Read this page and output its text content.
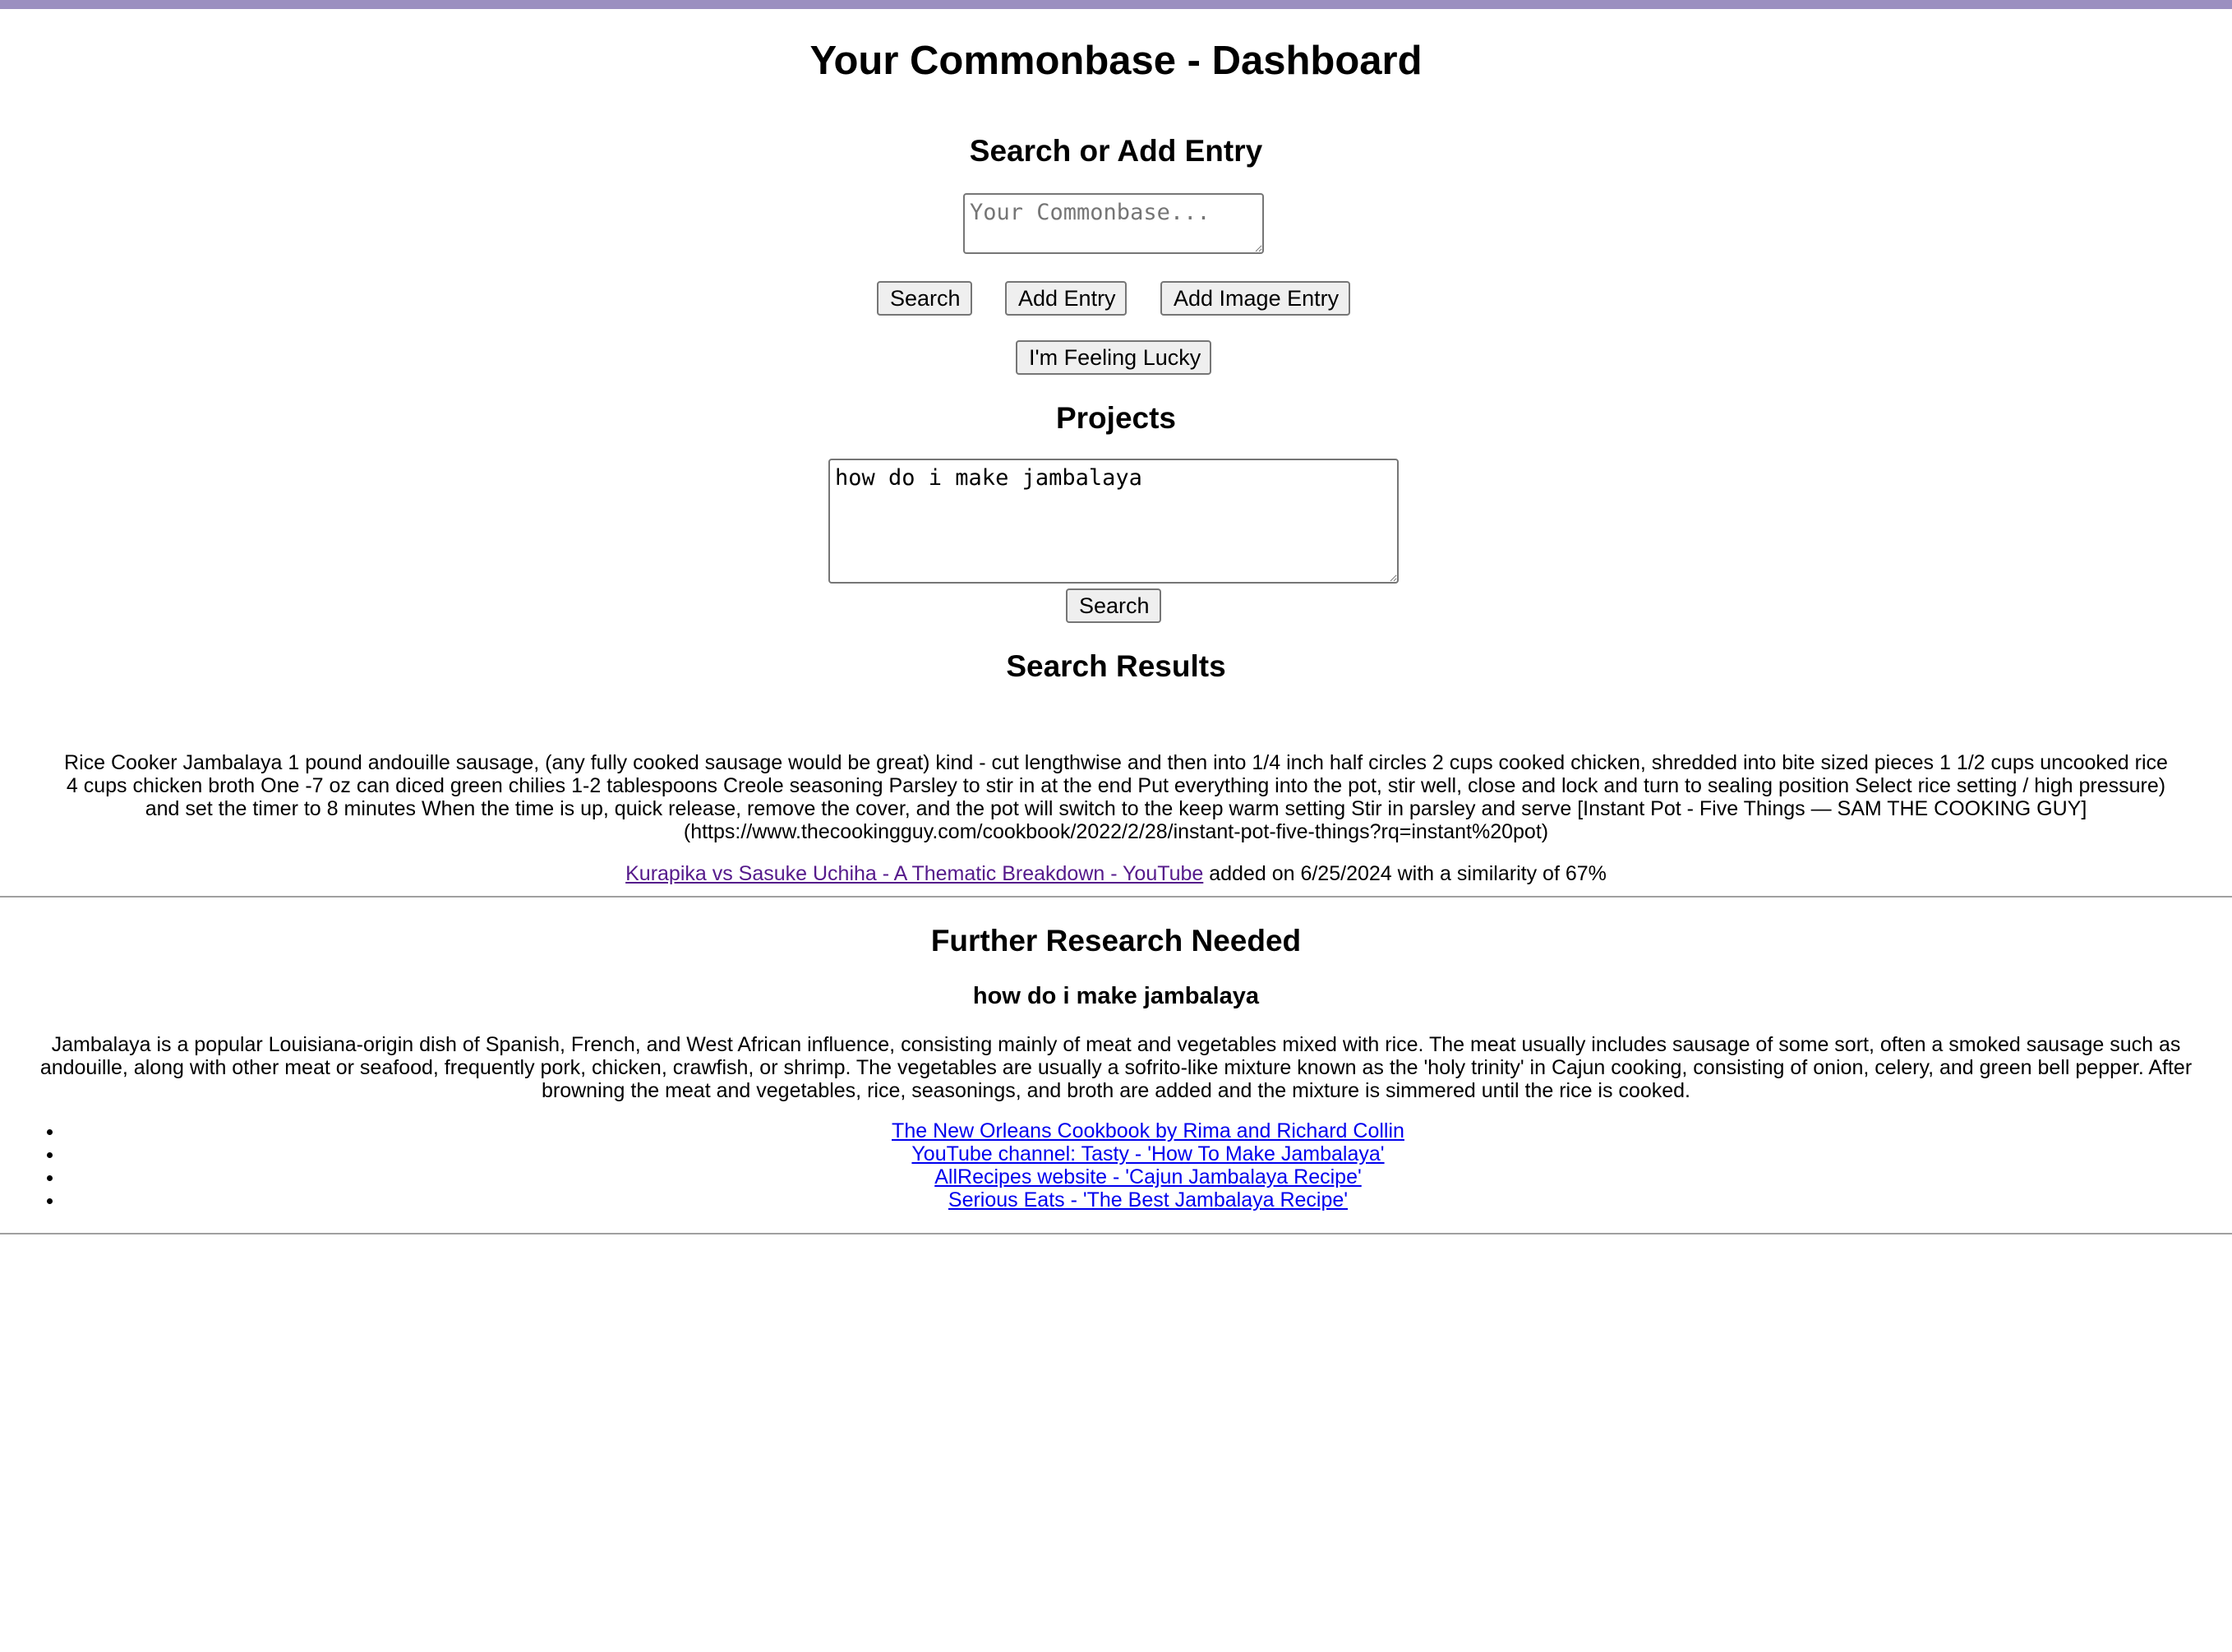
Your Commonbase - Dashboard
Search or Add Entry
Your Commonbase...
Search	Add Entry	Add Image Entry
I'm Feeling Lucky
Projects
how do i make jambalaya
Search
Search Results
Rice Cooker Jambalaya 1 pound andouille sausage, (any fully cooked sausage would be great) kind - cut lengthwise and then into 1/4 inch half circles 2 cups cooked chicken, shredded into bite sized pieces 1 1/2 cups uncooked rice 4 cups chicken broth One -7 oz can diced green chilies 1-2 tablespoons Creole seasoning Parsley to stir in at the end Put everything into the pot, stir well, close and lock and turn to sealing position Select rice setting / high pressure) and set the timer to 8 minutes When the time is up, quick release, remove the cover, and the pot will switch to the keep warm setting Stir in parsley and serve [Instant Pot - Five Things — SAM THE COOKING GUY](https://www.thecookingguy.com/cookbook/2022/2/28/instant-pot-five-things?rq=instant%20pot)
Kurapika vs Sasuke Uchiha - A Thematic Breakdown - YouTube added on 6/25/2024 with a similarity of 67%
Further Research Needed
how do i make jambalaya
Jambalaya is a popular Louisiana-origin dish of Spanish, French, and West African influence, consisting mainly of meat and vegetables mixed with rice. The meat usually includes sausage of some sort, often a smoked sausage such as andouille, along with other meat or seafood, frequently pork, chicken, crawfish, or shrimp. The vegetables are usually a sofrito-like mixture known as the 'holy trinity' in Cajun cooking, consisting of onion, celery, and green bell pepper. After browning the meat and vegetables, rice, seasonings, and broth are added and the mixture is simmered until the rice is cooked.
• The New Orleans Cookbook by Rima and Richard Collin
• YouTube channel: Tasty - 'How To Make Jambalaya'
• AllRecipes website - 'Cajun Jambalaya Recipe'
• Serious Eats - 'The Best Jambalaya Recipe'
